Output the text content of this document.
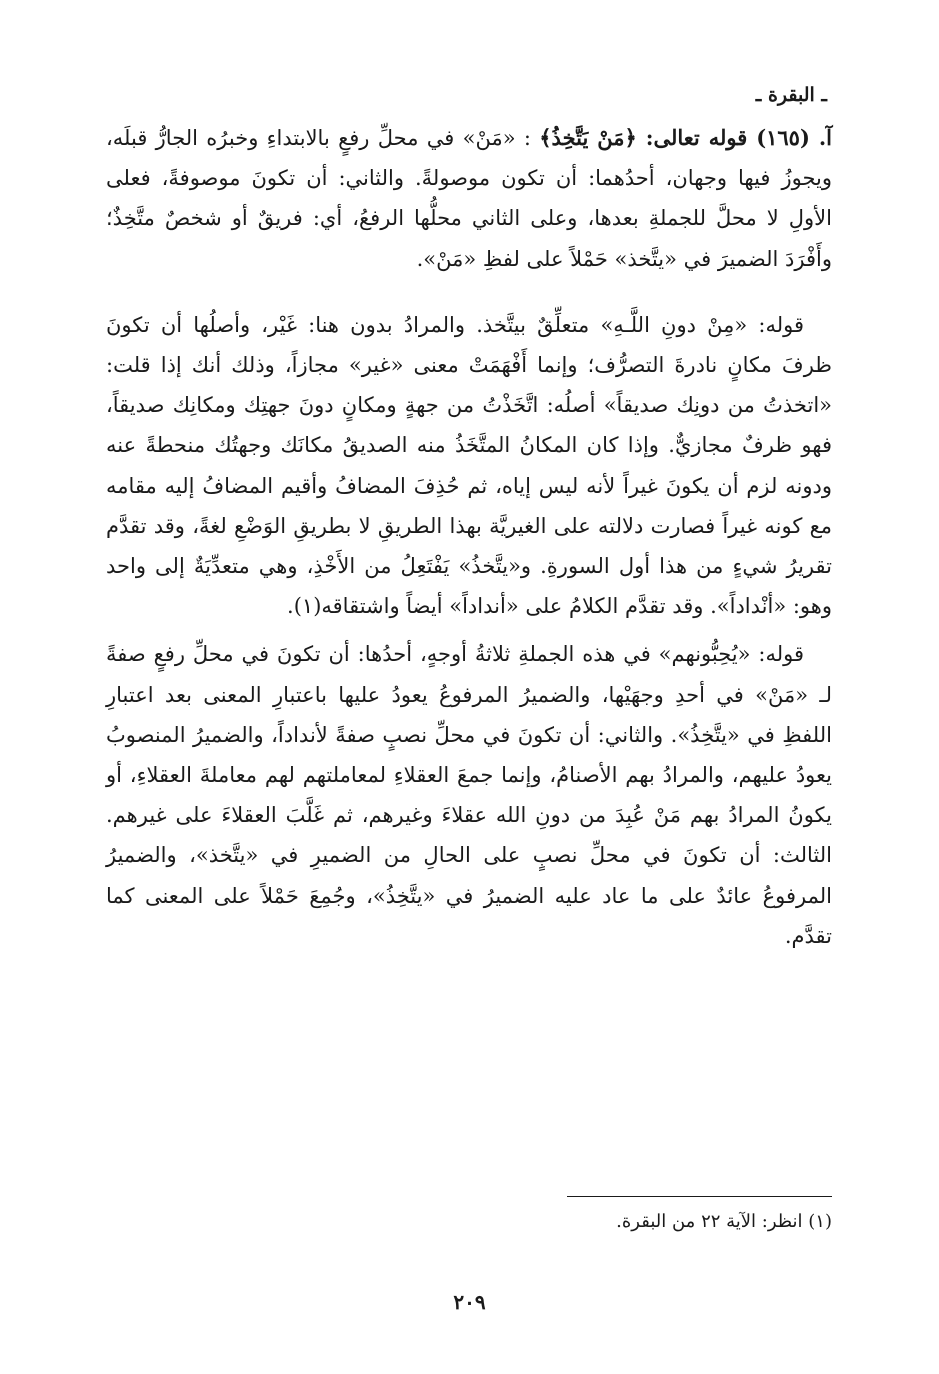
ـ البقرة ـ

آ. (١٦٥) قوله تعالى: ﴿مَنْ يَتَّخِذُ﴾ : «مَنْ» في محلِّ رفعٍ بالابتداءِ وخبرُه الجارُّ قبلَه، ويجوزُ فيها وجهان، أحدُهما: أن تكون موصولةً. والثاني: أن تكونَ موصوفةً، فعلى الأولِ لا محلَّ للجملةِ بعدها، وعلى الثاني محلُّها الرفعُ، أي: فريقٌ أو شخصٌ متَّخِذٌ؛ وأَفْرَدَ الضميرَ في «يتَّخذ» حَمْلاً على لفظِ «مَنْ».

قوله: «مِنْ دونِ اللَّـهِ» متعلِّقٌ بيتَّخذ. والمرادُ بدون هنا: غَيْر، وأصلُها أن تكونَ ظرفَ مكانٍ نادرةَ التصرُّف؛ وإنما أَفْهَمَتْ معنى «غير» مجازاً، وذلك أنك إذا قلت: «اتخذتُ من دونِك صديقاً» أصلُه: اتَّخَذْتُ من جهةٍ ومكانٍ دونَ جهتِك ومكانِك صديقاً، فهو ظرفٌ مجازيٌّ. وإذا كان المكانُ المتَّخَذُ منه الصديقُ مكانَك وجهتُك منحطةً عنه ودونه لزم أن يكونَ غيراً لأنه ليس إياه، ثم حُذِفَ المضافُ وأقيم المضافُ إليه مقامه مع كونه غيراً فصارت دلالته على الغيريَّة بهذا الطريقِ لا بطريقِ الوَضْعِ لغةً، وقد تقدَّم تقريرُ شيءٍ من هذا أول السورةِ. و«يتَّخذُ» يَفْتَعِلُ من الأَخْذِ، وهي متعدِّيَةٌ إلى واحد وهو: «أنْداداً». وقد تقدَّم الكلامُ على «أنداداً» أيضاً واشتقاقه(١).

قوله: «يُحِبُّونهم» في هذه الجملةِ ثلاثةُ أوجهٍ، أحدُها: أن تكونَ في محلِّ رفعٍ صفةً لـ «مَنْ» في أحدِ وجهَيْها، والضميرُ المرفوعُ يعودُ عليها باعتبارِ المعنى بعد اعتبارِ اللفظِ في «يتَّخِذُ». والثاني: أن تكونَ في محلِّ نصبٍ صفةً لأنداداً، والضميرُ المنصوبُ يعودُ عليهم، والمرادُ بهم الأصنامُ، وإنما جمعَ العقلاءِ لمعاملتهم لهم معاملةَ العقلاءِ، أو يكونُ المرادُ بهم مَنْ عُبِدَ من دونِ الله عقلاءَ وغيرهم، ثم غَلَّبَ العقلاءَ على غيرهم. الثالث: أن تكونَ في محلِّ نصبٍ على الحالِ من الضميرِ في «يتَّخذ»، والضميرُ المرفوعُ عائدٌ على ما عاد عليه الضميرُ في «يتَّخِذُ»، وجُمِعَ حَمْلاً على المعنى كما تقدَّم.

(١) انظر: الآية ٢٢ من البقرة.
٢٠٩
